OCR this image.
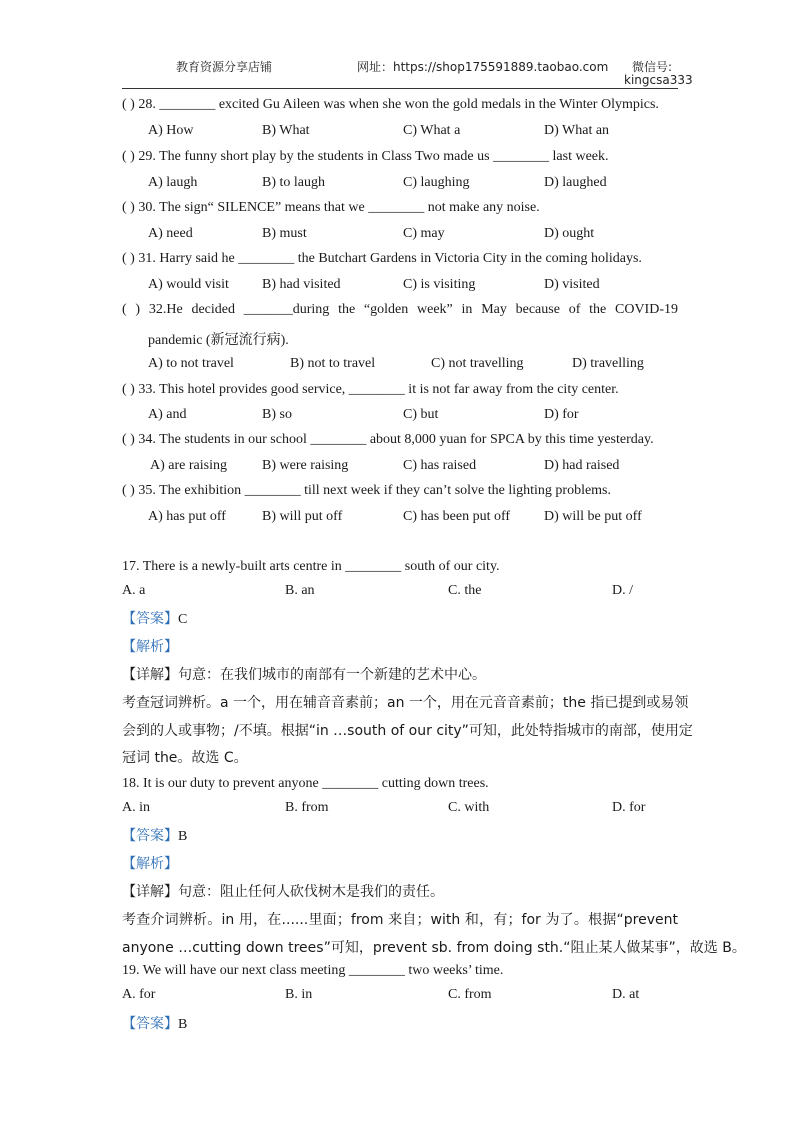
教育资源分享店铺	网址：https://shop175591889.taobao.com 微信号:
kingcsa333
( ) 28. ________ excited Gu Aileen was when she won the gold medals in the Winter Olympics.
A) How	B) What	C) What a	D) What an
( ) 29. The funny short play by the students in Class Two made us ________ last week.
A) laugh	B) to laugh	C) laughing	D) laughed
( ) 30. The sign“ SILENCE” means that we ________ not make any noise.
A) need	B) must	C) may	D) ought
( ) 31. Harry said he ________ the Butchart Gardens in Victoria City in the coming holidays.
A) would visit B) had visited	C) is visiting	D) visited
( ) 32.He decided _______during the “golden week” in May because of the COVID-19
pandemic (新冠流行病).
A) to not travel	B) not to travel	C) not travelling	D) travelling
( ) 33. This hotel provides good service, ________ it is not far away from the city center.
A) and	B) so	C) but	D) for
( ) 34. The students in our school ________ about 8,000 yuan for SPCA by this time yesterday.
A) are raising	B) were raising	C) has raised	D) had raised
( ) 35. The exhibition ________ till next week if they can’t solve the lighting problems.
A) has put off	B) will put off	C) has been put off D) will be put off
17. There is a newly-built arts centre in ________ south of our city.
A. a	B. an	C. the	D. /
【答案】C
【解析】
【详解】句意：在我们城市的南部有一个新建的艺术中心。
考查冠词辨析。a 一个，用在辅音音素前；an 一个，用在元音音素前；the 指已提到或易领
会到的人或事物；/不填。根据“in …south of our city”可知，此处特指城市的南部，使用定
冠词 the。故选 C。
18. It is our duty to prevent anyone ________ cutting down trees.
A. in	B. from	C. with	D. for
【答案】B
【解析】
【详解】句意：阻止任何人砍伐树木是我们的责任。
考查介词辨析。in 用，在......里面；from 来自；with 和，有；for 为了。根据“prevent
anyone …cutting down trees”可知，prevent sb. from doing sth.“阻止某人做某事”，故选 B。
19. We will have our next class meeting ________ two weeks’ time.
A. for	B. in	C. from	D. at
【答案】B
